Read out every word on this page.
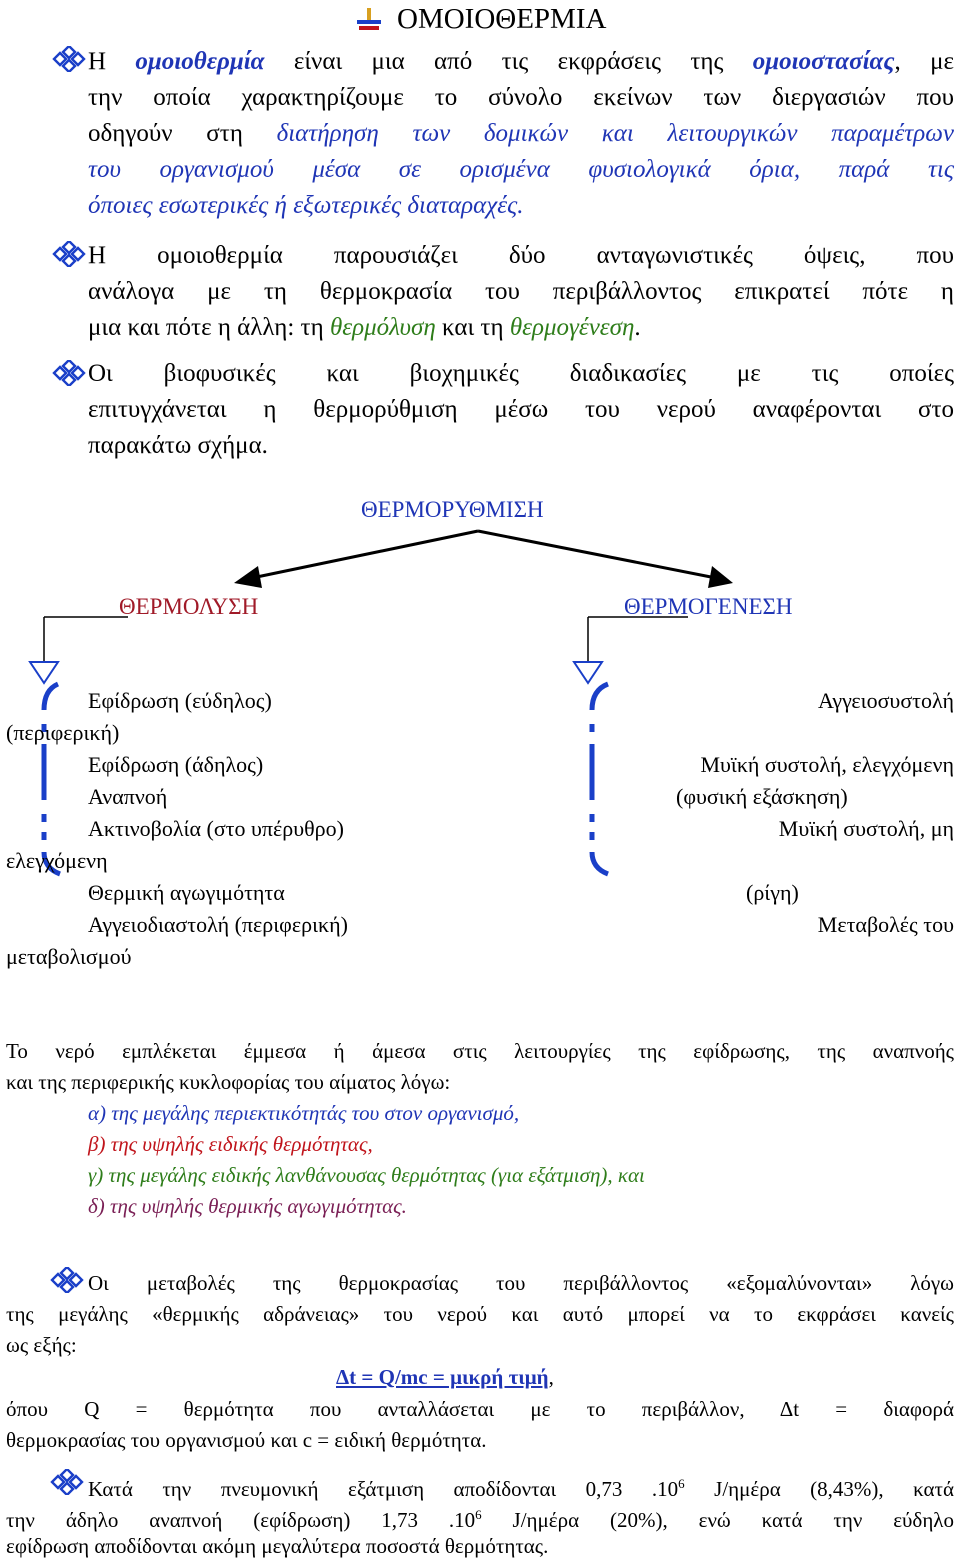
ΟΜΟΙΟΘΕΡΜΙΑ
Η ομοιοθερμία είναι μια από τις εκφράσεις της ομοιοστασίας, με
την οποία χαρακτηρίζουμε το σύνολο εκείνων των διεργασιών που
οδηγούν στη διατήρηση των δομικών και λειτουργικών παραμέτρων
του οργανισμού μέσα σε ορισμένα φυσιολογικά όρια, παρά τις
όποιες εσωτερικές ή εξωτερικές διαταραχές.
Η ομοιοθερμία παρουσιάζει δύο ανταγωνιστικές όψεις, που
ανάλογα με τη θερμοκρασία του περιβάλλοντος επικρατεί πότε η
μια και πότε η άλλη: τη θερμόλυση και τη θερμογένεση.
Οι βιοφυσικές και βιοχημικές διαδικασίες με τις οποίες
επιτυγχάνεται η θερμορύθμιση μέσω του νερού αναφέρονται στο
παρακάτω σχήμα.
ΘΕΡΜΟΡΥΘΜΙΣΗ
ΘΕΡΜΟΛΥΣΗ	ΘΕΡΜΟΓΕΝΕΣΗ
Εφίδρωση (εύδηλος)
(περιφερική)
Εφίδρωση (άδηλος)
Αναπνοή
Ακτινοβολία (στο υπέρυθρο)
ελεγχόμενη
Θερμική αγωγιμότητα
Αγγειοδιαστολή (περιφερική)
μεταβολισμού
Αγγειοσυστολή
Μυϊκή συστολή, ελεγχόμενη
(φυσική εξάσκηση)
Μυϊκή συστολή, μη
(ρίγη)
Μεταβολές του
Το νερό εμπλέκεται έμμεσα ή άμεσα στις λειτουργίες της εφίδρωσης, της αναπνοής
και της περιφερικής κυκλοφορίας του αίματος λόγω:
α) της μεγάλης περιεκτικότητάς του στον οργανισμό,
β) της υψηλής ειδικής θερμότητας,
γ) της μεγάλης ειδικής λανθάνουσας θερμότητας (για εξάτμιση), και
δ) της υψηλής θερμικής αγωγιμότητας.
Οι μεταβολές της θερμοκρασίας του περιβάλλοντος «εξομαλύνονται» λόγω
της μεγάλης «θερμικής αδράνειας» του νερού και αυτό μπορεί να το εκφράσει κανείς
ως εξής:
Δt = Q/mc = μικρή τιμή,
όπου Q = θερμότητα που ανταλλάσεται με το περιβάλλον, Δt = διαφορά
θερμοκρασίας του οργανισμού και c = ειδική θερμότητα.
Κατά την πνευμονική εξάτμιση αποδίδονται 0,73 $.10^6$ J/ημέρα (8,43%), κατά
την άδηλο αναπνοή (εφίδρωση) 1,73 $.10^6$ J/ημέρα (20%), ενώ κατά την εύδηλο
εφίδρωση αποδίδονται ακόμη μεγαλύτερα ποσοστά θερμότητας.
